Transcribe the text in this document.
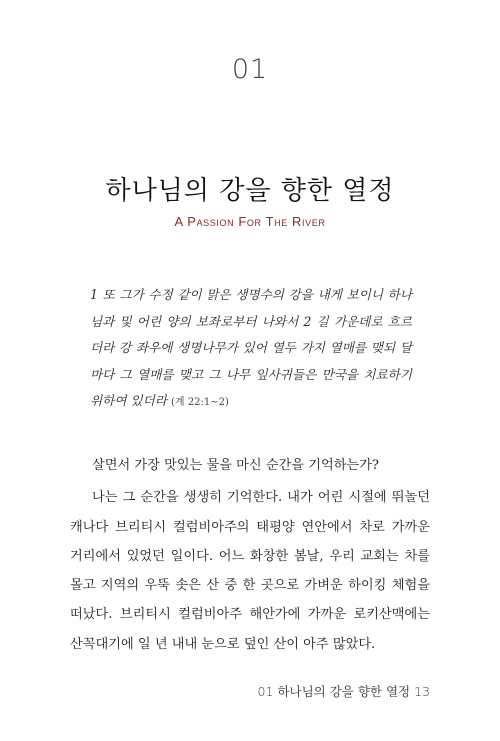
01
하나님의 강을 향한 열정
A Passion For The River
1 또 그가 수정 같이 맑은 생명수의 강을 내게 보이니 하나님과 및 어린 양의 보좌로부터 나와서 2 길 가운데로 흐르더라 강 좌우에 생명나무가 있어 열두 가지 열매를 맺되 달마다 그 열매를 맺고 그 나무 잎사귀들은 만국을 치료하기 위하여 있더라 (계 22:1~2)

살면서 가장 맛있는 물을 마신 순간을 기억하는가?

나는 그 순간을 생생히 기억한다. 내가 어린 시절에 뛰놀던 캐나다 브리티시 컬럼비아주의 태평양 연안에서 차로 가까운 거리에서 있었던 일이다. 어느 화창한 봄날, 우리 교회는 차를 몰고 지역의 우뚝 솟은 산 중 한 곳으로 가벼운 하이킹 체험을 떠났다. 브리티시 컬럼비아주 해안가에 가까운 로키산맥에는 산꼭대기에 일 년 내내 눈으로 덮인 산이 아주 많았다.

01 하나님의 강을 향한 열정 13
